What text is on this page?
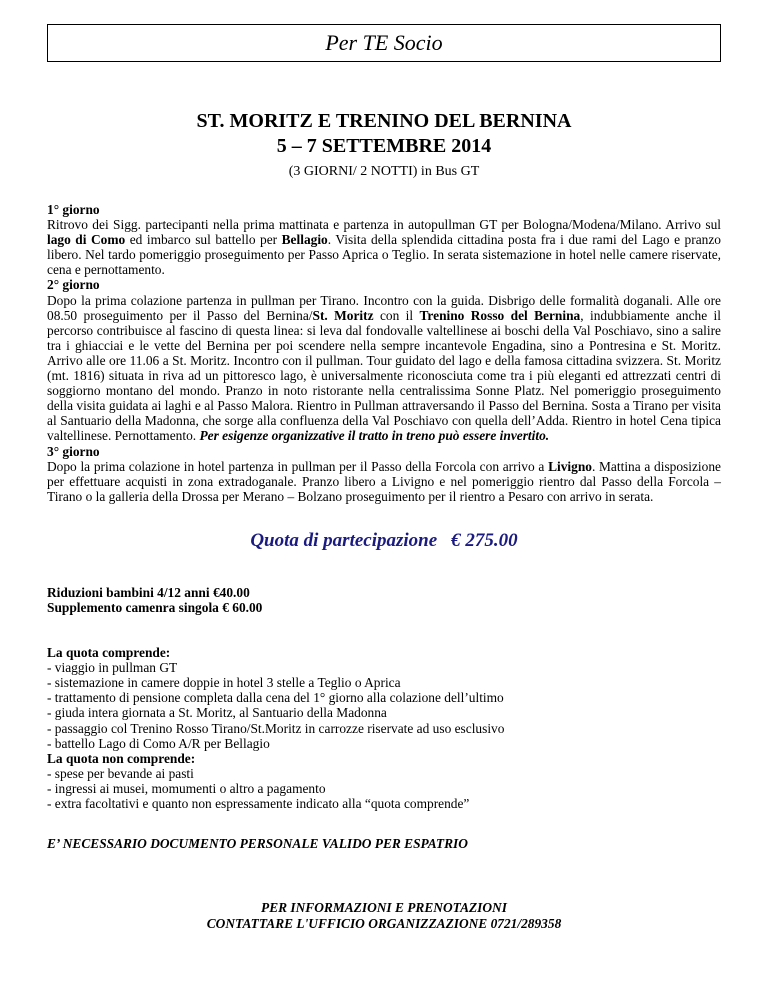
Per TE Socio
ST. MORITZ E TRENINO DEL BERNINA
5 – 7 SETTEMBRE 2014
(3 GIORNI/ 2 NOTTI) in Bus GT

1° giorno

Ritrovo dei Sigg. partecipanti nella prima mattinata e partenza in autopullman GT per Bologna/Modena/Milano. Arrivo sul lago di Como ed imbarco sul battello per Bellagio. Visita della splendida cittadina posta fra i due rami del Lago e pranzo libero. Nel tardo pomeriggio proseguimento per Passo Aprica o Teglio. In serata sistemazione in hotel nelle camere riservate, cena e pernottamento.

2° giorno

Dopo la prima colazione partenza in pullman per Tirano. Incontro con la guida. Disbrigo delle formalità doganali. Alle ore 08.50 proseguimento per il Passo del Bernina/St. Moritz con il Trenino Rosso del Bernina, indubbiamente anche il percorso contribuisce al fascino di questa linea: si leva dal fondovalle valtellinese ai boschi della Val Poschiavo, sino a salire tra i ghiacciai e le vette del Bernina per poi scendere nella sempre incantevole Engadina, sino a Pontresina e St. Moritz. Arrivo alle ore 11.06 a St. Moritz. Incontro con il pullman. Tour guidato del lago e della famosa cittadina svizzera. St. Moritz (mt. 1816) situata in riva ad un pittoresco lago, è universalmente riconosciuta come tra i più eleganti ed attrezzati centri di soggiorno montano del mondo. Pranzo in noto ristorante nella centralissima Sonne Platz. Nel pomeriggio proseguimento della visita guidata ai laghi e al Passo Malora. Rientro in Pullman attraversando il Passo del Bernina. Sosta a Tirano per visita al Santuario della Madonna, che sorge alla confluenza della Val Poschiavo con quella dell’Adda. Rientro in hotel Cena tipica valtellinese. Pernottamento. Per esigenze organizzative il tratto in treno può essere invertito.

3° giorno

Dopo la prima colazione in hotel partenza in pullman per il Passo della Forcola con arrivo a Livigno. Mattina a disposizione per effettuare acquisti in zona extradoganale. Pranzo libero a Livigno e nel pomeriggio rientro dal Passo della Forcola – Tirano o la galleria della Drossa per Merano – Bolzano proseguimento per il rientro a Pesaro con arrivo in serata.

Quota di partecipazione € 275.00
Riduzioni bambini 4/12 anni €40.00
Supplemento camenra singola € 60.00
La quota comprende:
- viaggio in pullman GT
- sistemazione in camere doppie in hotel 3 stelle a Teglio o Aprica
- trattamento di pensione completa dalla cena del 1° giorno alla colazione dell’ultimo
- giuda intera giornata a St. Moritz, al Santuario della Madonna
- passaggio col Trenino Rosso Tirano/St.Moritz in carrozze riservate ad uso esclusivo
- battello Lago di Como A/R per Bellagio
La quota non comprende:
- spese per bevande ai pasti
- ingressi ai musei, momumenti o altro a pagamento
- extra facoltativi e quanto non espressamente indicato alla “quota comprende”
E’ NECESSARIO DOCUMENTO PERSONALE VALIDO PER ESPATRIO
PER INFORMAZIONI E PRENOTAZIONI
CONTATTARE L'UFFICIO ORGANIZZAZIONE 0721/289358
